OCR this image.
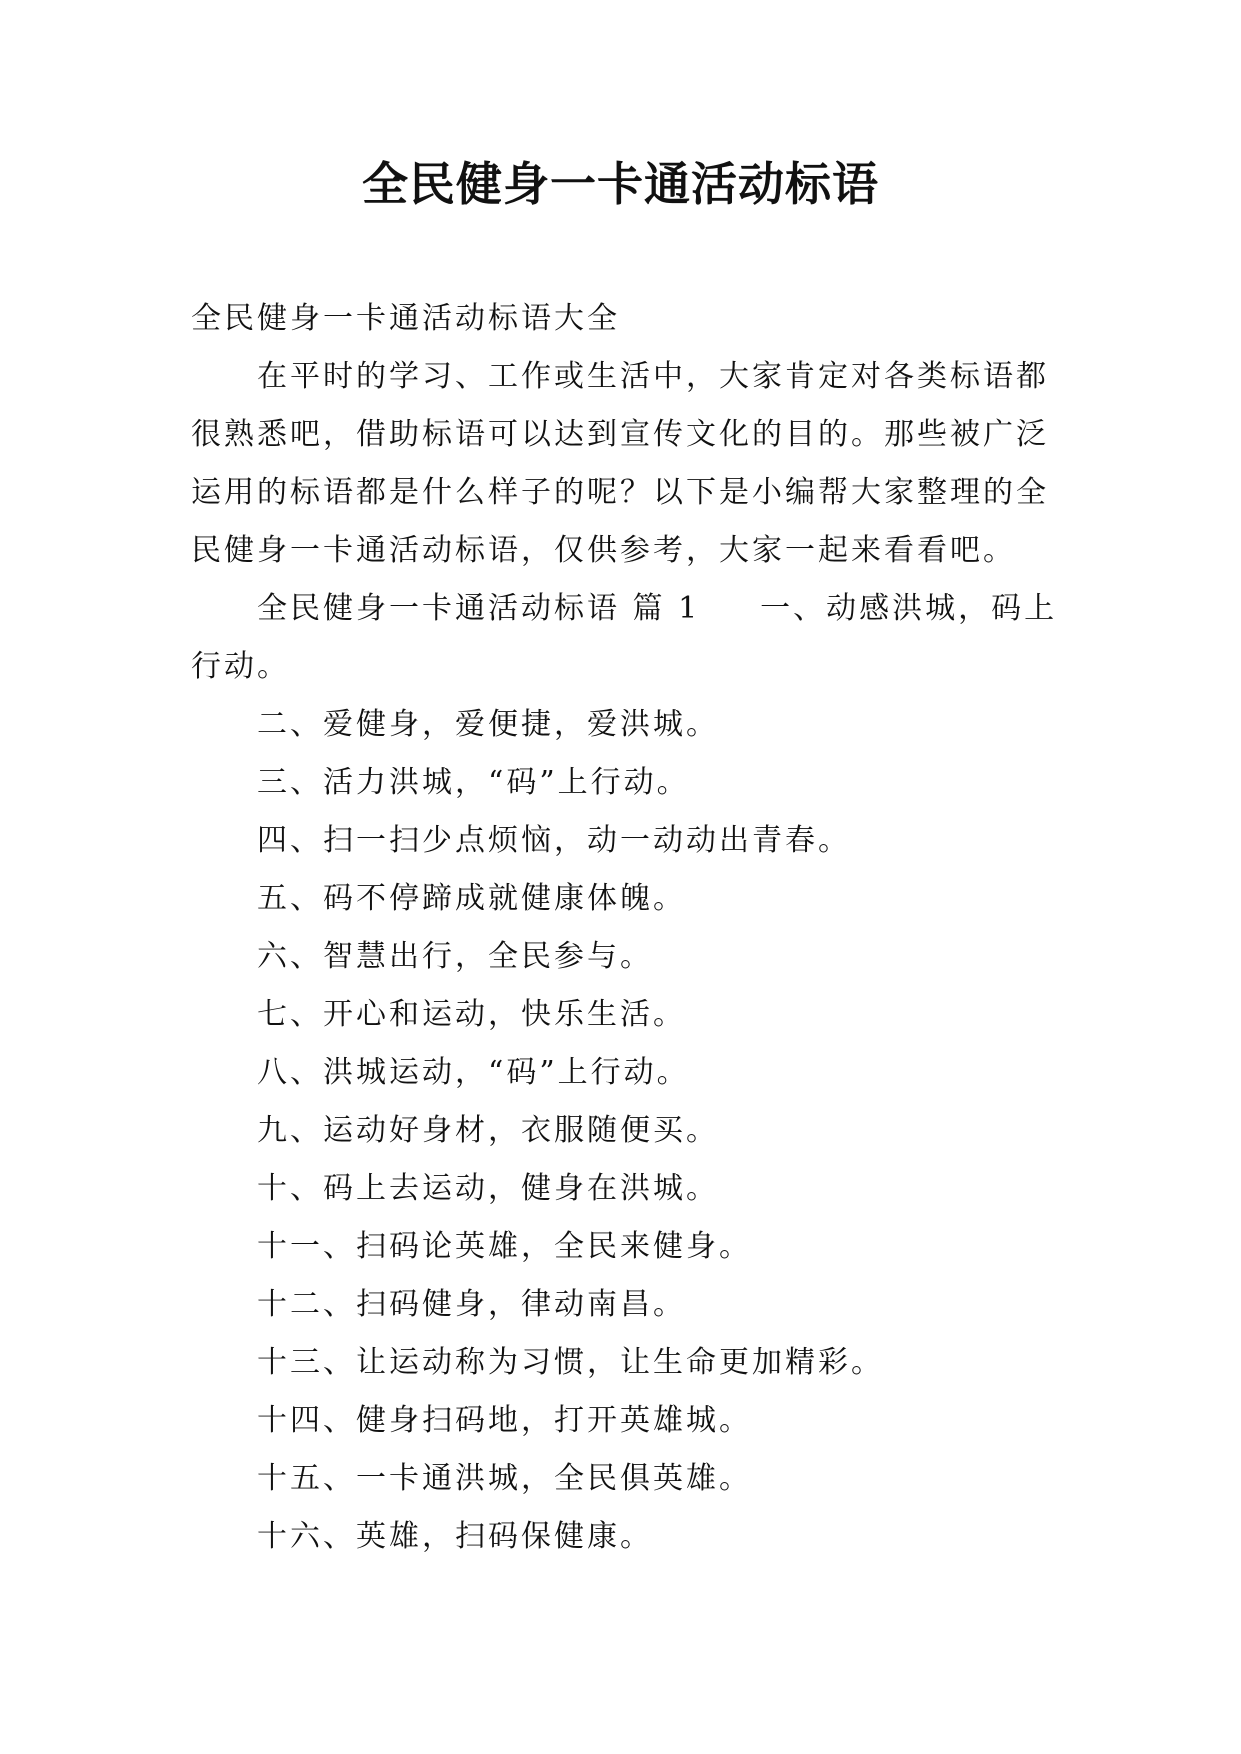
全民健身一卡通活动标语

全民健身一卡通活动标语大全

在平时的学习、工作或生活中，大家肯定对各类标语都很熟悉吧，借助标语可以达到宣传文化的目的。那些被广泛运用的标语都是什么样子的呢？以下是小编帮大家整理的全民健身一卡通活动标语，仅供参考，大家一起来看看吧。

全民健身一卡通活动标语 篇 1 一、动感洪城，码上行动。

二、爱健身，爱便捷，爱洪城。

三、活力洪城，“码”上行动。

四、扫一扫少点烦恼，动一动动出青春。

五、码不停蹄成就健康体魄。

六、智慧出行，全民参与。

七、开心和运动，快乐生活。

八、洪城运动，“码”上行动。

九、运动好身材，衣服随便买。

十、码上去运动，健身在洪城。

十一、扫码论英雄，全民来健身。

十二、扫码健身，律动南昌。

十三、让运动称为习惯，让生命更加精彩。

十四、健身扫码地，打开英雄城。

十五、一卡通洪城，全民俱英雄。

十六、英雄，扫码保健康。
